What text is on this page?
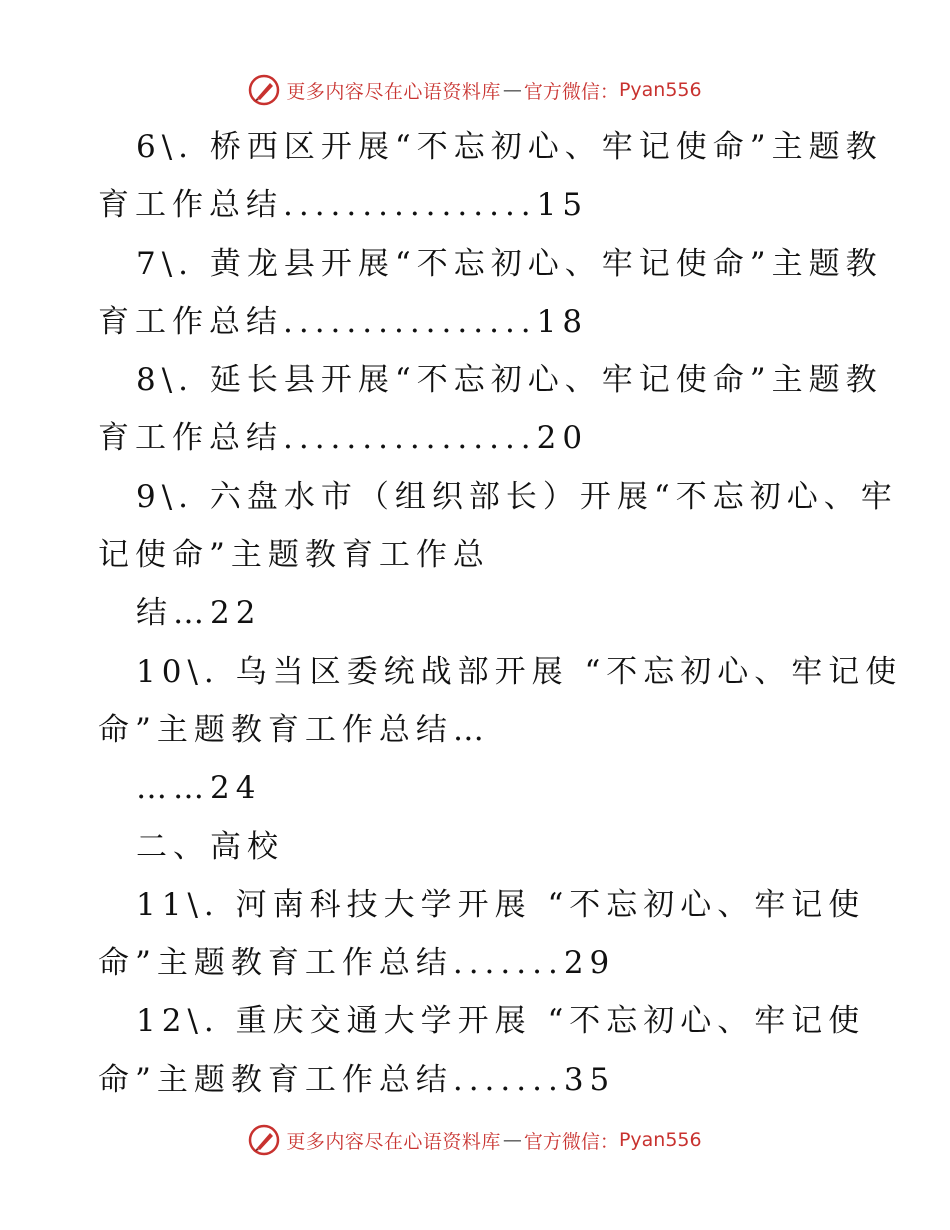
更多内容尽在心语资料库 — 官方微信： Pyan556
6\. 桥西区开展“不忘初心、牢记使命”主题教
育工作总结................15
7\. 黄龙县开展“不忘初心、牢记使命”主题教
育工作总结................18
8\. 延长县开展“不忘初心、牢记使命”主题教
育工作总结................20
9\. 六盘水市（组织部长）开展“不忘初心、牢
记使命”主题教育工作总
结…22
10\. 乌当区委统战部开展 “不忘初心、牢记使
命”主题教育工作总结…
……24
二、高校
11\. 河南科技大学开展 “不忘初心、牢记使
命”主题教育工作总结.......29
12\. 重庆交通大学开展 “不忘初心、牢记使
命”主题教育工作总结.......35
更多内容尽在心语资料库 — 官方微信： Pyan556
